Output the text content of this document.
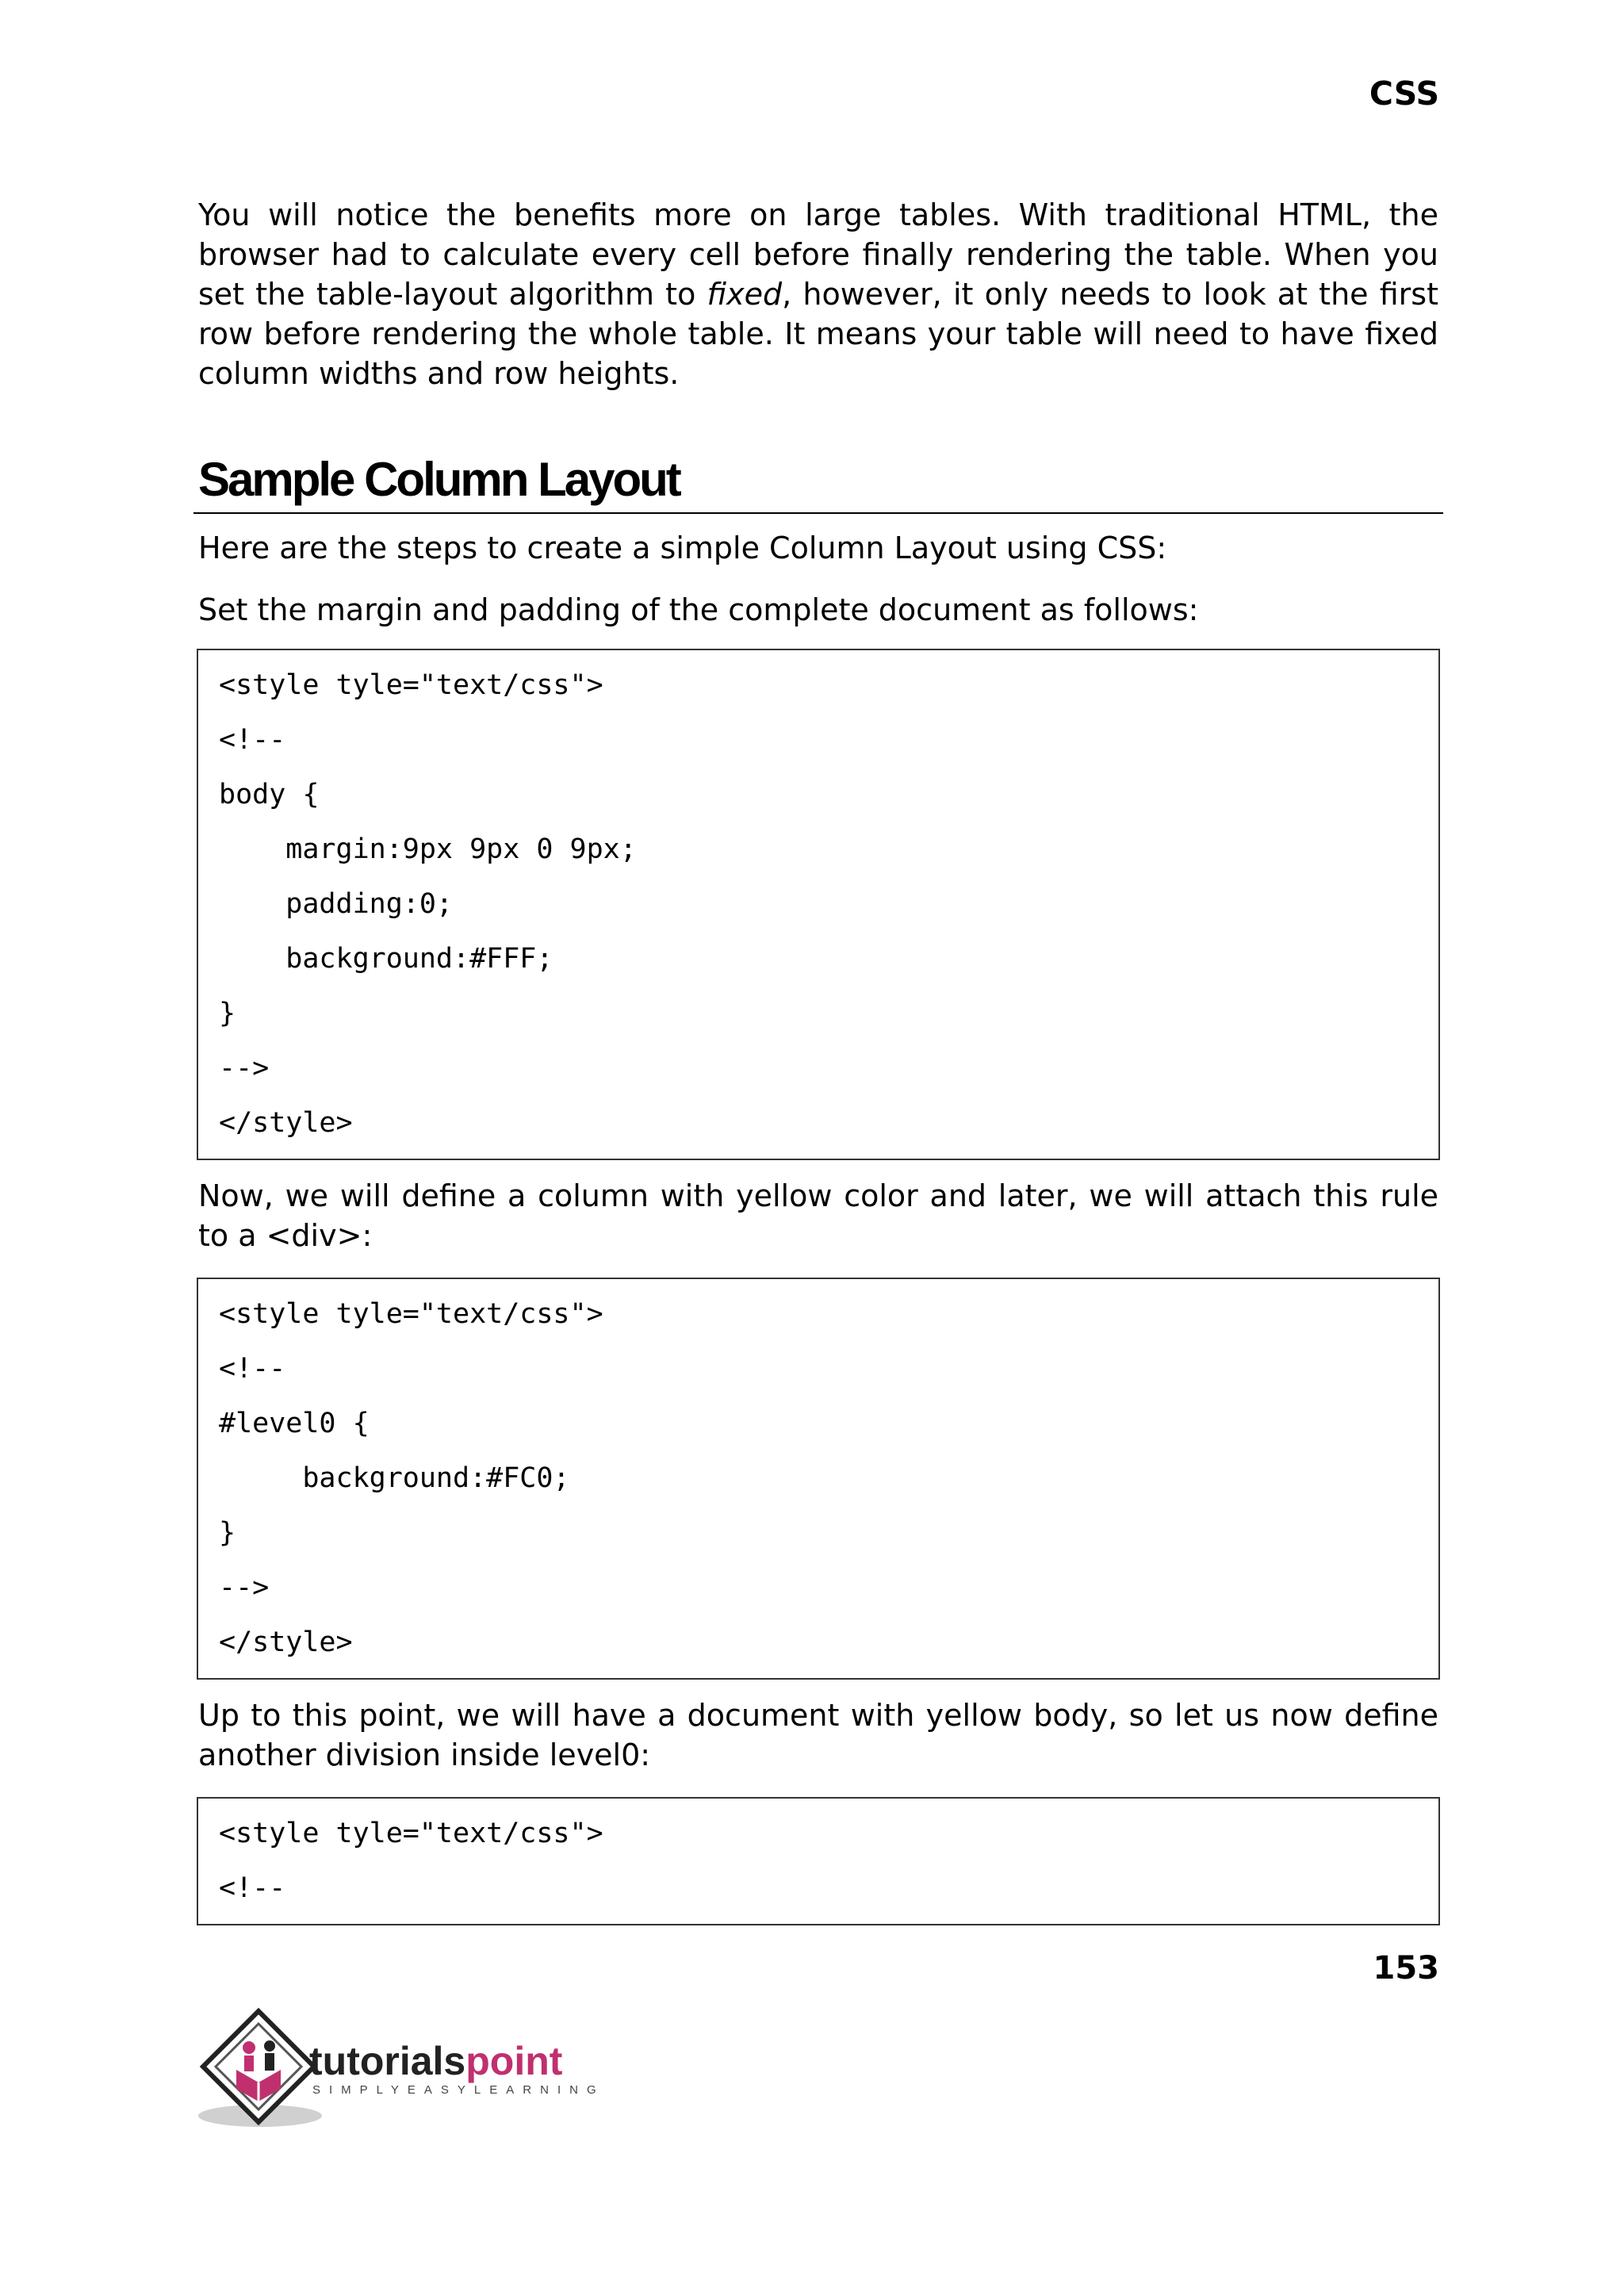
CSS

You will notice the benefits more on large tables. With traditional HTML, the browser had to calculate every cell before finally rendering the table. When you set the table-layout algorithm to fixed, however, it only needs to look at the first row before rendering the whole table. It means your table will need to have fixed column widths and row heights.

Sample Column Layout

Here are the steps to create a simple Column Layout using CSS:

Set the margin and padding of the complete document as follows:

<style tyle="text/css">
<!--
body {
margin:9px 9px 0 9px;
padding:0;
background:#FFF;
}
-->
</style>

Now, we will define a column with yellow color and later, we will attach this rule to a <div>:

<style tyle="text/css">
<!--
#level0 {
background:#FC0;
}
-->
</style>

Up to this point, we will have a document with yellow body, so let us now define another division inside level0:

<style tyle="text/css">
<!--
153
tutorialspoint
SIMPLYEASYLEARNING
